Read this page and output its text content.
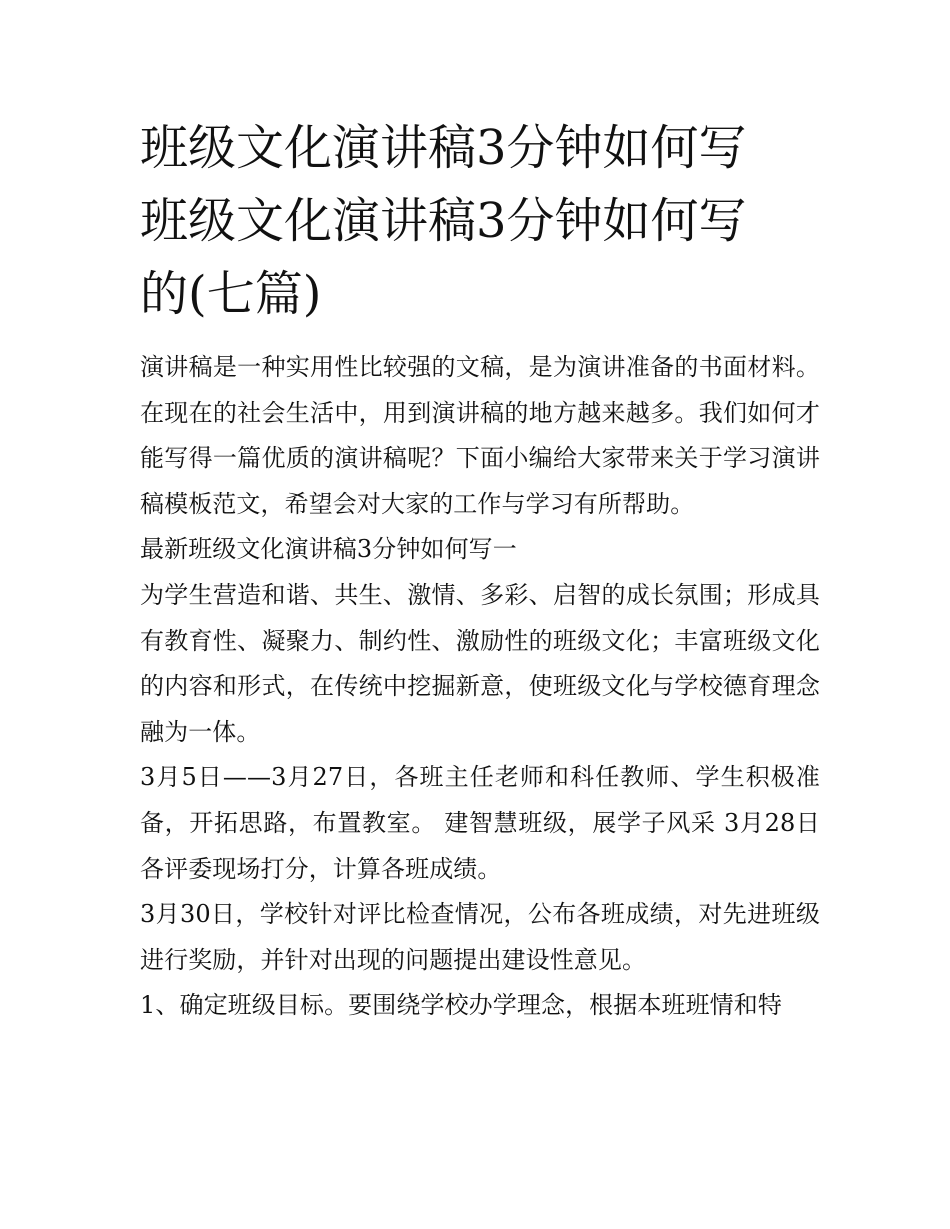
班级文化演讲稿3分钟如何写
班级文化演讲稿3分钟如何写
的(七篇)

演讲稿是一种实用性比较强的文稿，是为演讲准备的书面材料。在现在的社会生活中，用到演讲稿的地方越来越多。我们如何才能写得一篇优质的演讲稿呢？下面小编给大家带来关于学习演讲稿模板范文，希望会对大家的工作与学习有所帮助。

最新班级文化演讲稿3分钟如何写一

为学生营造和谐、共生、激情、多彩、启智的成长氛围；形成具有教育性、凝聚力、制约性、激励性的班级文化；丰富班级文化的内容和形式，在传统中挖掘新意，使班级文化与学校德育理念融为一体。

3月5日——3月27日，各班主任老师和科任教师、学生积极准备，开拓思路，布置教室。 建智慧班级，展学子风采 3月28日各评委现场打分，计算各班成绩。

3月30日，学校针对评比检查情况，公布各班成绩，对先进班级进行奖励，并针对出现的问题提出建设性意见。

1、确定班级目标。要围绕学校办学理念，根据本班班情和特
